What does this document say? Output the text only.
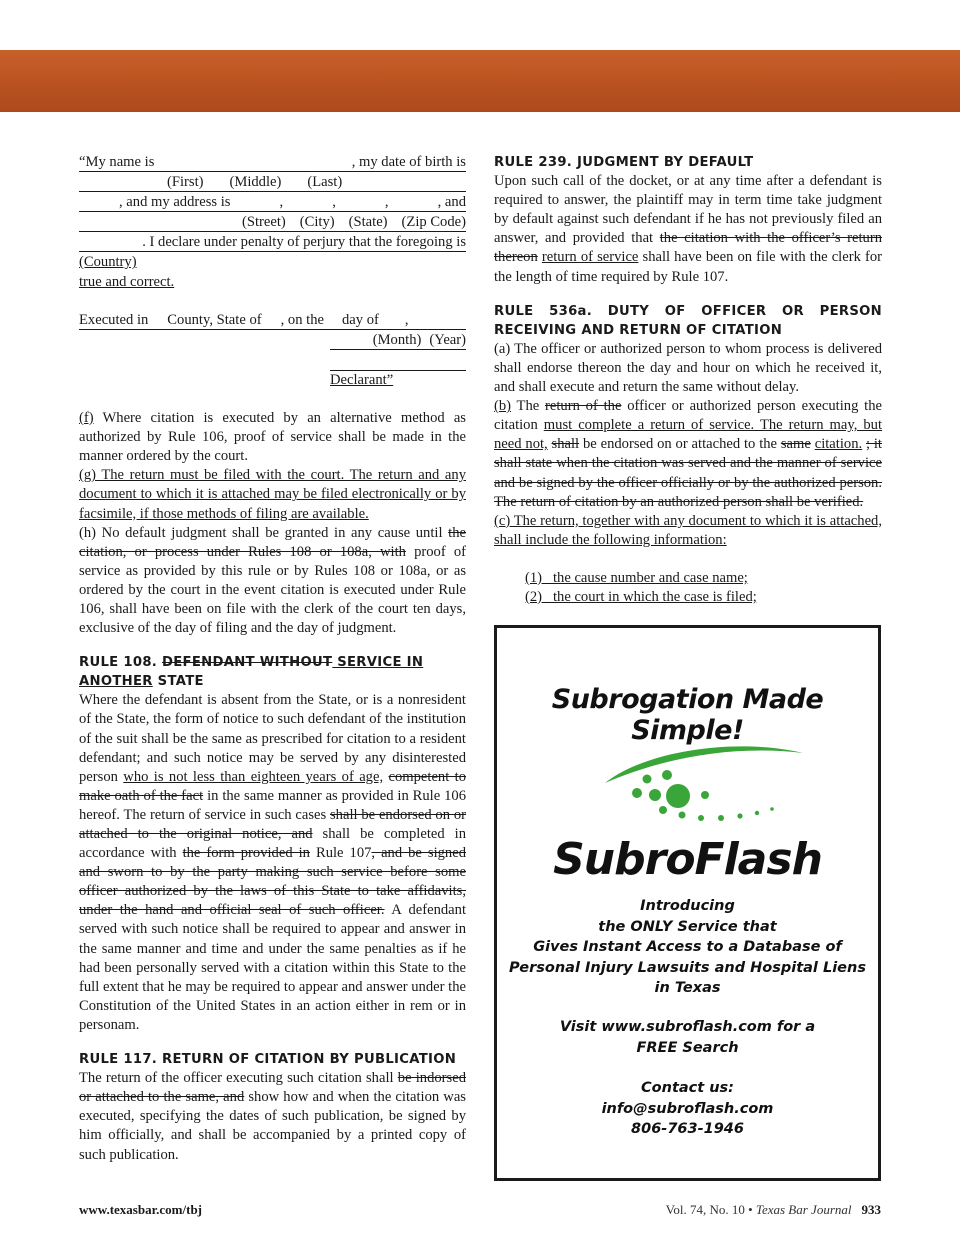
“My name is	, my date of birth is
(First) (Middle) (Last)
, and my address is	,	,	,	, and
(Street) (City) (State) (Zip Code)
. I declare under penalty of perjury that the foregoing is
(Country)
true and correct.
Executed in County, State of , on the day of ,
(Month) (Year)
Declarant”

(f) Where citation is executed by an alternative method as authorized by Rule 106, proof of service shall be made in the manner ordered by the court.

(g) The return must be filed with the court. The return and any document to which it is attached may be filed electronically or by facsimile, if those methods of filing are available.

(h) No default judgment shall be granted in any cause until the citation, or process under Rules 108 or 108a, with proof of service as provided by this rule or by Rules 108 or 108a, or as ordered by the court in the event citation is executed under Rule 106, shall have been on file with the clerk of the court ten days, exclusive of the day of filing and the day of judgment.

RULE 108. DEFENDANT WITHOUT SERVICE IN ANOTHER STATE

Where the defendant is absent from the State, or is a nonresident of the State, the form of notice to such defendant of the institution of the suit shall be the same as prescribed for citation to a resident defendant; and such notice may be served by any disinterested person who is not less than eighteen years of age, competent to make oath of the fact in the same manner as provided in Rule 106 hereof. The return of service in such cases shall be endorsed on or attached to the original notice, and shall be completed in accordance with the form provided in Rule 107, and be signed and sworn to by the party making such service before some officer authorized by the laws of this State to take affidavits, under the hand and official seal of such officer. A defendant served with such notice shall be required to appear and answer in the same manner and time and under the same penalties as if he had been personally served with a citation within this State to the full extent that he may be required to appear and answer under the Constitution of the United States in an action either in rem or in personam.

RULE 117. RETURN OF CITATION BY PUBLICATION

The return of the officer executing such citation shall be indorsed or attached to the same, and show how and when the citation was executed, specifying the dates of such publication, be signed by him officially, and shall be accompanied by a printed copy of such publication.

RULE 239. JUDGMENT BY DEFAULT

Upon such call of the docket, or at any time after a defendant is required to answer, the plaintiff may in term time take judgment by default against such defendant if he has not previously filed an answer, and provided that the citation with the officer’s return thereon return of service shall have been on file with the clerk for the length of time required by Rule 107.

RULE 536a. DUTY OF OFFICER OR PERSON RECEIVING AND RETURN OF CITATION

(a) The officer or authorized person to whom process is delivered shall endorse thereon the day and hour on which he received it, and shall execute and return the same without delay.

(b) The return of the officer or authorized person executing the citation must complete a return of service. The return may, but need not, shall be endorsed on or attached to the same citation. ; it shall state when the citation was served and the manner of service and be signed by the officer officially or by the authorized person. The return of citation by an authorized person shall be verified.

(c) The return, together with any document to which it is attached, shall include the following information:

(1)   the cause number and case name;
(2)   the court in which the case is filed;
Subrogation Made Simple!
SubroFlash
Introducing
the ONLY Service that
Gives Instant Access to a Database of
Personal Injury Lawsuits and Hospital Liens
in Texas
Visit www.subroflash.com for a
FREE Search
Contact us:
info@subroflash.com
806-763-1946
www.texasbar.com/tbj	Vol. 74, No. 10 • Texas Bar Journal 933
